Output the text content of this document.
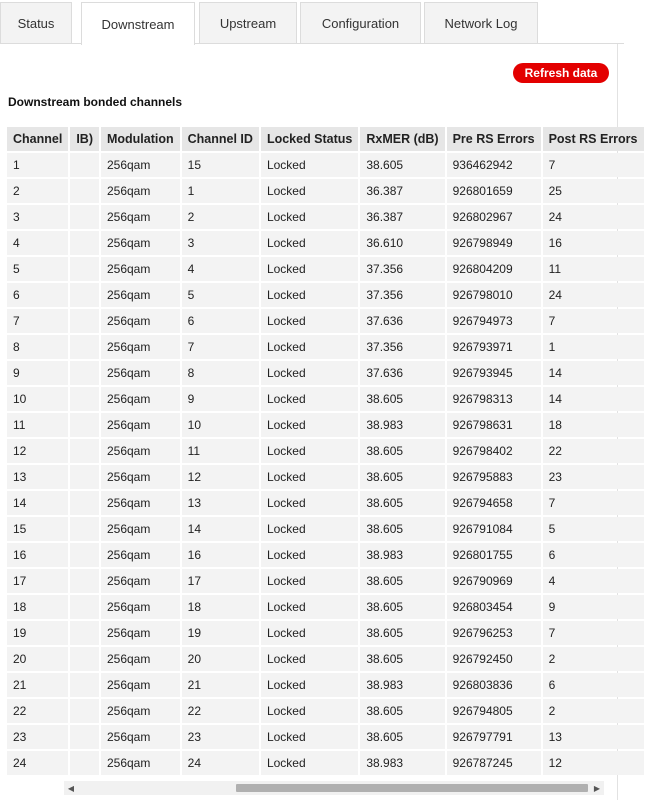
Status	Downstream	Upstream	Configuration	Network Log
Refresh data
Downstream bonded channels
Channel	IB)	Modulation	Channel ID	Locked Status	RxMER (dB)	Pre RS Errors	Post RS Errors
1		256qam	15	Locked	38.605	936462942	7
2		256qam	1	Locked	36.387	926801659	25
3		256qam	2	Locked	36.387	926802967	24
4		256qam	3	Locked	36.610	926798949	16
5		256qam	4	Locked	37.356	926804209	11
6		256qam	5	Locked	37.356	926798010	24
7		256qam	6	Locked	37.636	926794973	7
8		256qam	7	Locked	37.356	926793971	1
9		256qam	8	Locked	37.636	926793945	14
10		256qam	9	Locked	38.605	926798313	14
11		256qam	10	Locked	38.983	926798631	18
12		256qam	11	Locked	38.605	926798402	22
13		256qam	12	Locked	38.605	926795883	23
14		256qam	13	Locked	38.605	926794658	7
15		256qam	14	Locked	38.605	926791084	5
16		256qam	16	Locked	38.983	926801755	6
17		256qam	17	Locked	38.605	926790969	4
18		256qam	18	Locked	38.605	926803454	9
19		256qam	19	Locked	38.605	926796253	7
20		256qam	20	Locked	38.605	926792450	2
21		256qam	21	Locked	38.983	926803836	6
22		256qam	22	Locked	38.605	926794805	2
23		256qam	23	Locked	38.605	926797791	13
24		256qam	24	Locked	38.983	926787245	12
◀	▶
